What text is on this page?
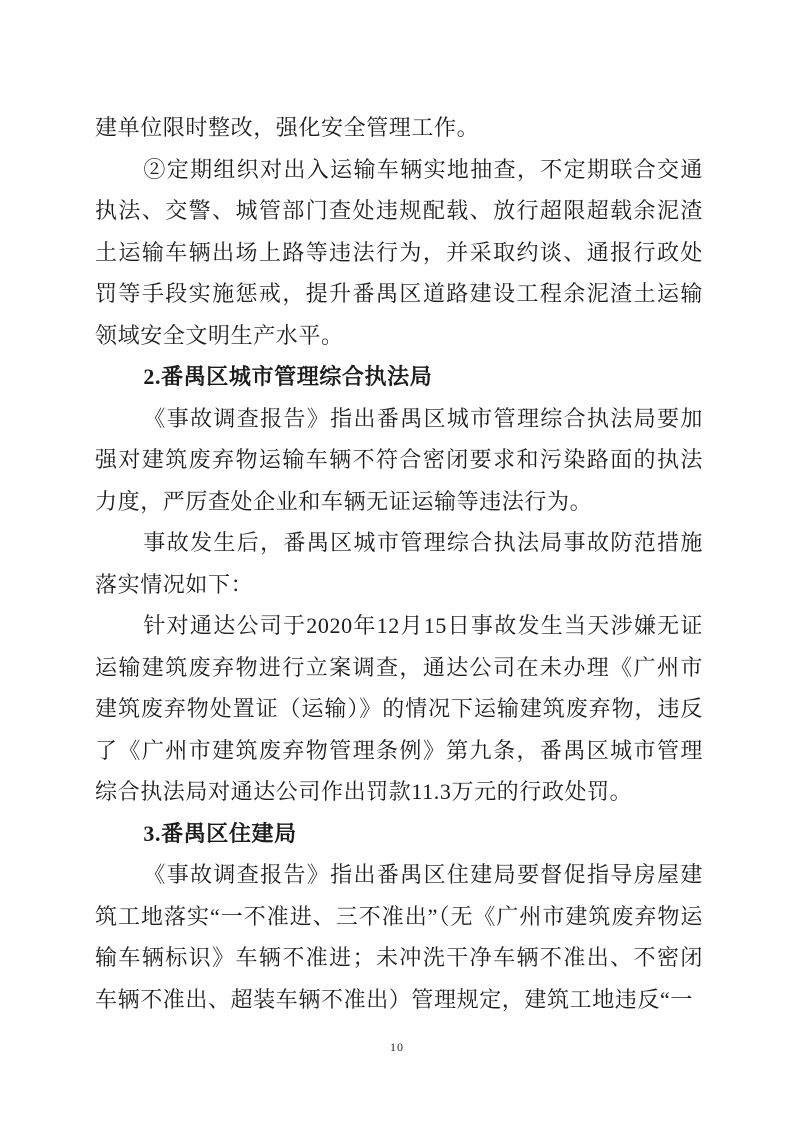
建单位限时整改，强化安全管理工作。

②定期组织对出入运输车辆实地抽查，不定期联合交通执法、交警、城管部门查处违规配载、放行超限超载余泥渣土运输车辆出场上路等违法行为，并采取约谈、通报行政处罚等手段实施惩戒，提升番禺区道路建设工程余泥渣土运输领域安全文明生产水平。

2.番禺区城市管理综合执法局

《事故调查报告》指出番禺区城市管理综合执法局要加强对建筑废弃物运输车辆不符合密闭要求和污染路面的执法力度，严厉查处企业和车辆无证运输等违法行为。

事故发生后，番禺区城市管理综合执法局事故防范措施落实情况如下：

针对通达公司于2020年12月15日事故发生当天涉嫌无证运输建筑废弃物进行立案调查，通达公司在未办理《广州市建筑废弃物处置证（运输）》的情况下运输建筑废弃物，违反了《广州市建筑废弃物管理条例》第九条，番禺区城市管理综合执法局对通达公司作出罚款11.3万元的行政处罚。

3.番禺区住建局

《事故调查报告》指出番禺区住建局要督促指导房屋建筑工地落实“一不准进、三不准出”（无《广州市建筑废弃物运输车辆标识》车辆不准进；未冲洗干净车辆不准出、不密闭车辆不准出、超装车辆不准出）管理规定，建筑工地违反“一

10
